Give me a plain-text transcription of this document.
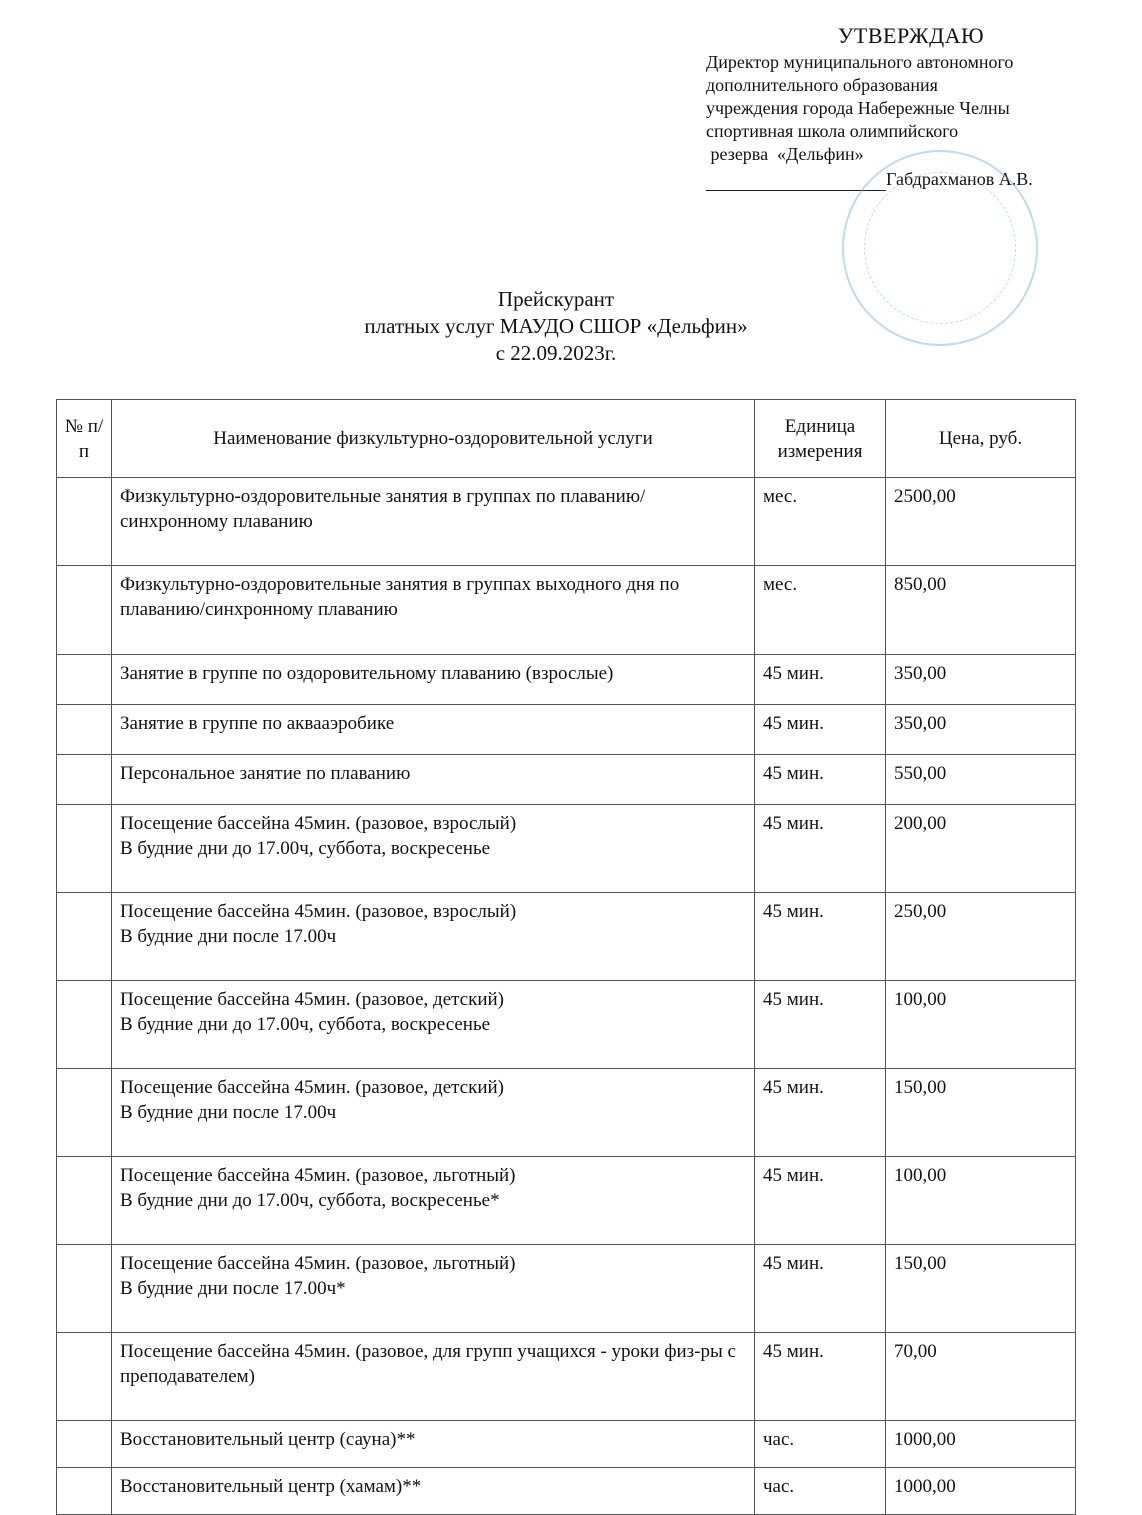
УТВЕРЖДАЮ
Директор муниципального автономного
дополнительного образования
учреждения города Набережные Челны
спортивная школа олимпийского
резерва  «Дельфин»
Габдрахманов А.В.
Прейскурант
платных услуг МАУДО СШОР «Дельфин»
с 22.09.2023г.
№ п/п	Наименование физкультурно-оздоровительной услуги	Единица измерения	Цена, руб.
	Физкультурно-оздоровительные занятия в группах по плаванию/синхронному плаванию	мес.	2500,00
	Физкультурно-оздоровительные занятия в группах выходного дня по плаванию/синхронному плаванию	мес.	850,00
	Занятие в группе по оздоровительному плаванию (взрослые)	45 мин.	350,00
	Занятие в группе по аквааэробике	45 мин.	350,00
	Персональное занятие по плаванию	45 мин.	550,00
	Посещение бассейна 45мин. (разовое, взрослый)
В будние дни до 17.00ч, суббота, воскресенье	45 мин.	200,00
	Посещение бассейна 45мин. (разовое, взрослый)
В будние дни после 17.00ч	45 мин.	250,00
	Посещение бассейна 45мин. (разовое, детский)
В будние дни до 17.00ч, суббота, воскресенье	45 мин.	100,00
	Посещение бассейна 45мин. (разовое, детский)
В будние дни после 17.00ч	45 мин.	150,00
	Посещение бассейна 45мин. (разовое, льготный)
В будние дни до 17.00ч, суббота, воскресенье*	45 мин.	100,00
	Посещение бассейна 45мин. (разовое, льготный)
В будние дни после 17.00ч*	45 мин.	150,00
	Посещение бассейна 45мин. (разовое, для групп учащихся - уроки физ-ры с преподавателем)	45 мин.	70,00
	Восстановительный центр (сауна)**	час.	1000,00
	Восстановительный центр (хамам)**	час.	1000,00
